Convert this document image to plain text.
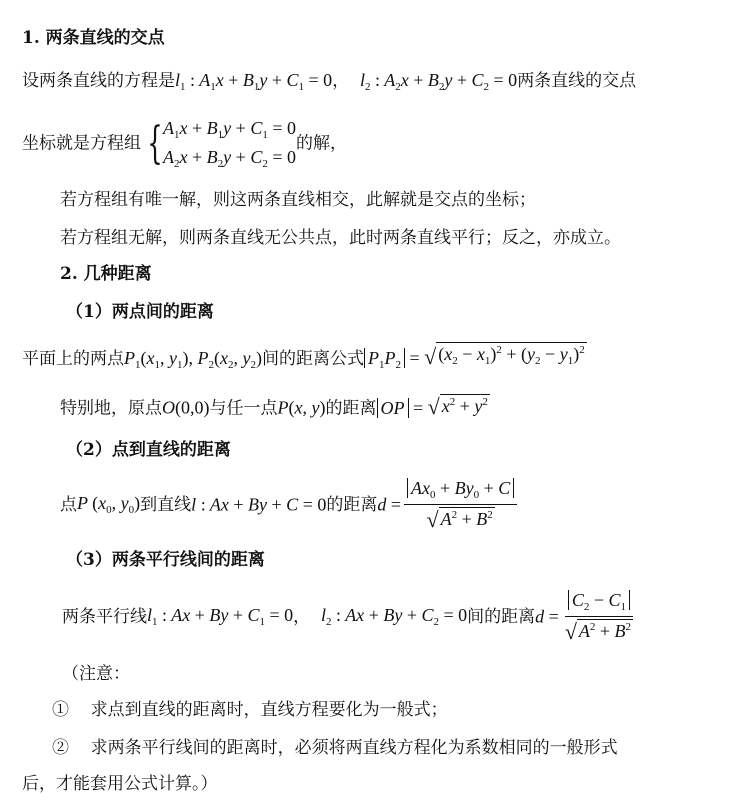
1. 两条直线的交点
设两条直线的方程是$l_1$ : $A_1x + B_1y + C_1 = 0$， $l_2$ : $A_2x + B_2y + C_2 = 0$两条直线的交点
坐标就是方程组 {$A_1x + B_1y + C_1 = 0$
$A_2x + B_2y + C_2 = 0$的解，
若方程组有唯一解，则这两条直线相交，此解就是交点的坐标；
若方程组无解，则两条直线无公共点，此时两条直线平行；反之，亦成立。
2. 几种距离
（1）两点间的距离
平面上的两点$P_1(x_1$, $y_1$), $P_2(x_2$, $y_2$)间的距离公式 $P_1P_2$ = √ $(x_2 - x_1)^2 + (y_2 - y_1)^2$
特别地，原点O(0,0)与任一点P(x, y)的距离 OP = √ $x^2 + y^2$
（2）点到直线的距离
点P ($x_0$, $y_0$)到直线l : Ax + By + C = 0的距离$d = \frac{Ax_0 + By_0 + C}{√ A^2 + B^2}$
（3）两条平行线间的距离
两条平行线$l_1$ : $Ax + By + C_1 = 0$， $l_2$ : $Ax + By + C_2 = 0$间的距离$d = \frac{C_2 - C_1}{√ A^2 + B^2}$
（注意：
① 求点到直线的距离时，直线方程要化为一般式；
② 求两条平行线间的距离时，必须将两直线方程化为系数相同的一般形式
后，才能套用公式计算。）
